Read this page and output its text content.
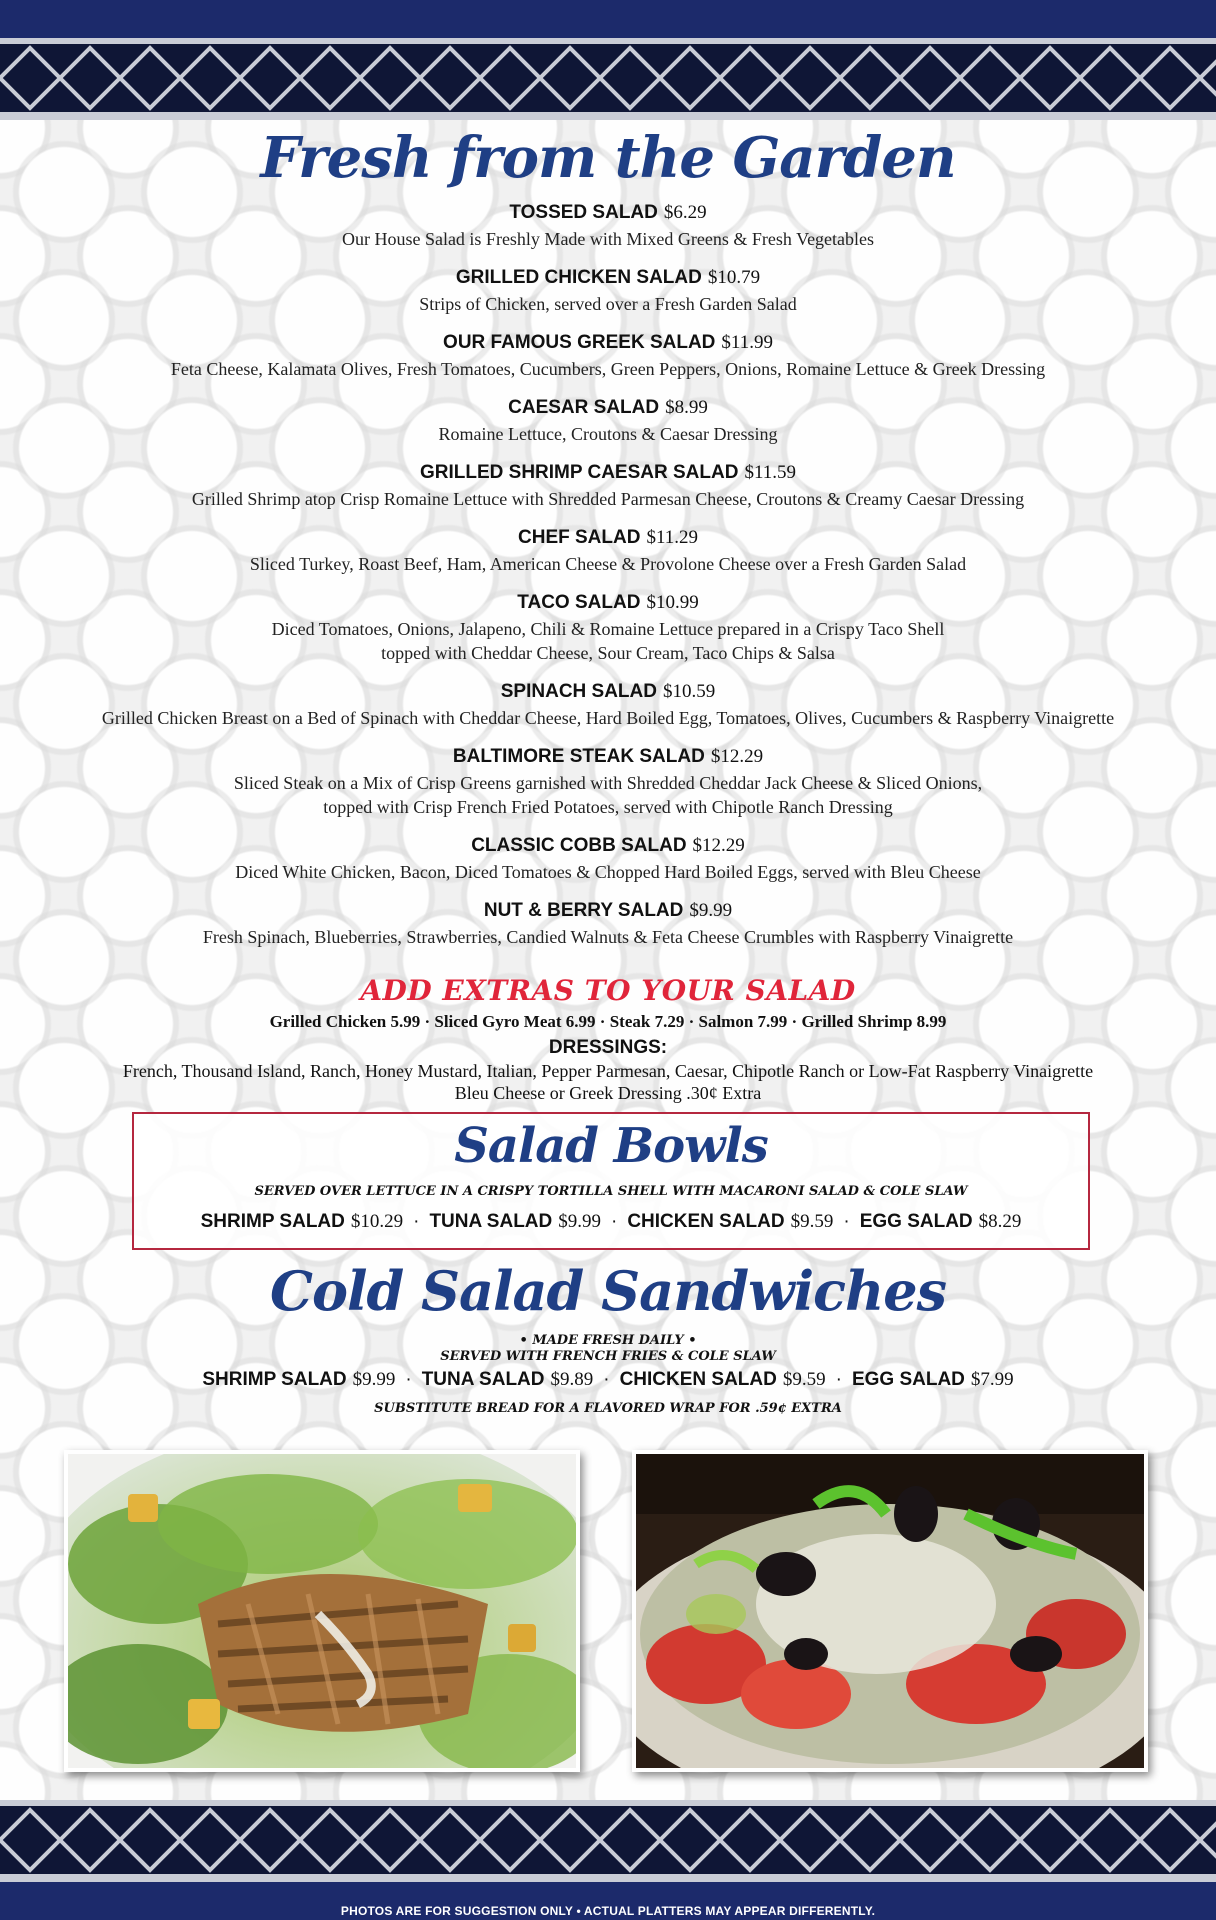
Fresh from the Garden
TOSSED SALAD $6.29
Our House Salad is Freshly Made with Mixed Greens & Fresh Vegetables
GRILLED CHICKEN SALAD $10.79
Strips of Chicken, served over a Fresh Garden Salad
OUR FAMOUS GREEK SALAD $11.99
Feta Cheese, Kalamata Olives, Fresh Tomatoes, Cucumbers, Green Peppers, Onions, Romaine Lettuce & Greek Dressing
CAESAR SALAD $8.99
Romaine Lettuce, Croutons & Caesar Dressing
GRILLED SHRIMP CAESAR SALAD $11.59
Grilled Shrimp atop Crisp Romaine Lettuce with Shredded Parmesan Cheese, Croutons & Creamy Caesar Dressing
CHEF SALAD $11.29
Sliced Turkey, Roast Beef, Ham, American Cheese & Provolone Cheese over a Fresh Garden Salad
TACO SALAD $10.99
Diced Tomatoes, Onions, Jalapeno, Chili & Romaine Lettuce prepared in a Crispy Taco Shell
topped with Cheddar Cheese, Sour Cream, Taco Chips & Salsa
SPINACH SALAD $10.59
Grilled Chicken Breast on a Bed of Spinach with Cheddar Cheese, Hard Boiled Egg, Tomatoes, Olives, Cucumbers & Raspberry Vinaigrette
BALTIMORE STEAK SALAD $12.29
Sliced Steak on a Mix of Crisp Greens garnished with Shredded Cheddar Jack Cheese & Sliced Onions,
topped with Crisp French Fried Potatoes, served with Chipotle Ranch Dressing
CLASSIC COBB SALAD $12.29
Diced White Chicken, Bacon, Diced Tomatoes & Chopped Hard Boiled Eggs, served with Bleu Cheese
NUT & BERRY SALAD $9.99
Fresh Spinach, Blueberries, Strawberries, Candied Walnuts & Feta Cheese Crumbles with Raspberry Vinaigrette
ADD EXTRAS TO YOUR SALAD
Grilled Chicken 5.99 · Sliced Gyro Meat 6.99 · Steak 7.29 · Salmon 7.99 · Grilled Shrimp 8.99
DRESSINGS:
French, Thousand Island, Ranch, Honey Mustard, Italian, Pepper Parmesan, Caesar, Chipotle Ranch or Low-Fat Raspberry Vinaigrette
Bleu Cheese or Greek Dressing .30¢ Extra
Salad Bowls
SERVED OVER LETTUCE IN A CRISPY TORTILLA SHELL WITH MACARONI SALAD & COLE SLAW
SHRIMP SALAD $10.29 · TUNA SALAD $9.99 · CHICKEN SALAD $9.59 · EGG SALAD $8.29
Cold Salad Sandwiches
• MADE FRESH DAILY •
SERVED WITH FRENCH FRIES & COLE SLAW
SHRIMP SALAD $9.99 · TUNA SALAD $9.89 · CHICKEN SALAD $9.59 · EGG SALAD $7.99
SUBSTITUTE BREAD FOR A FLAVORED WRAP FOR .59¢ EXTRA
PHOTOS ARE FOR SUGGESTION ONLY • ACTUAL PLATTERS MAY APPEAR DIFFERENTLY.
